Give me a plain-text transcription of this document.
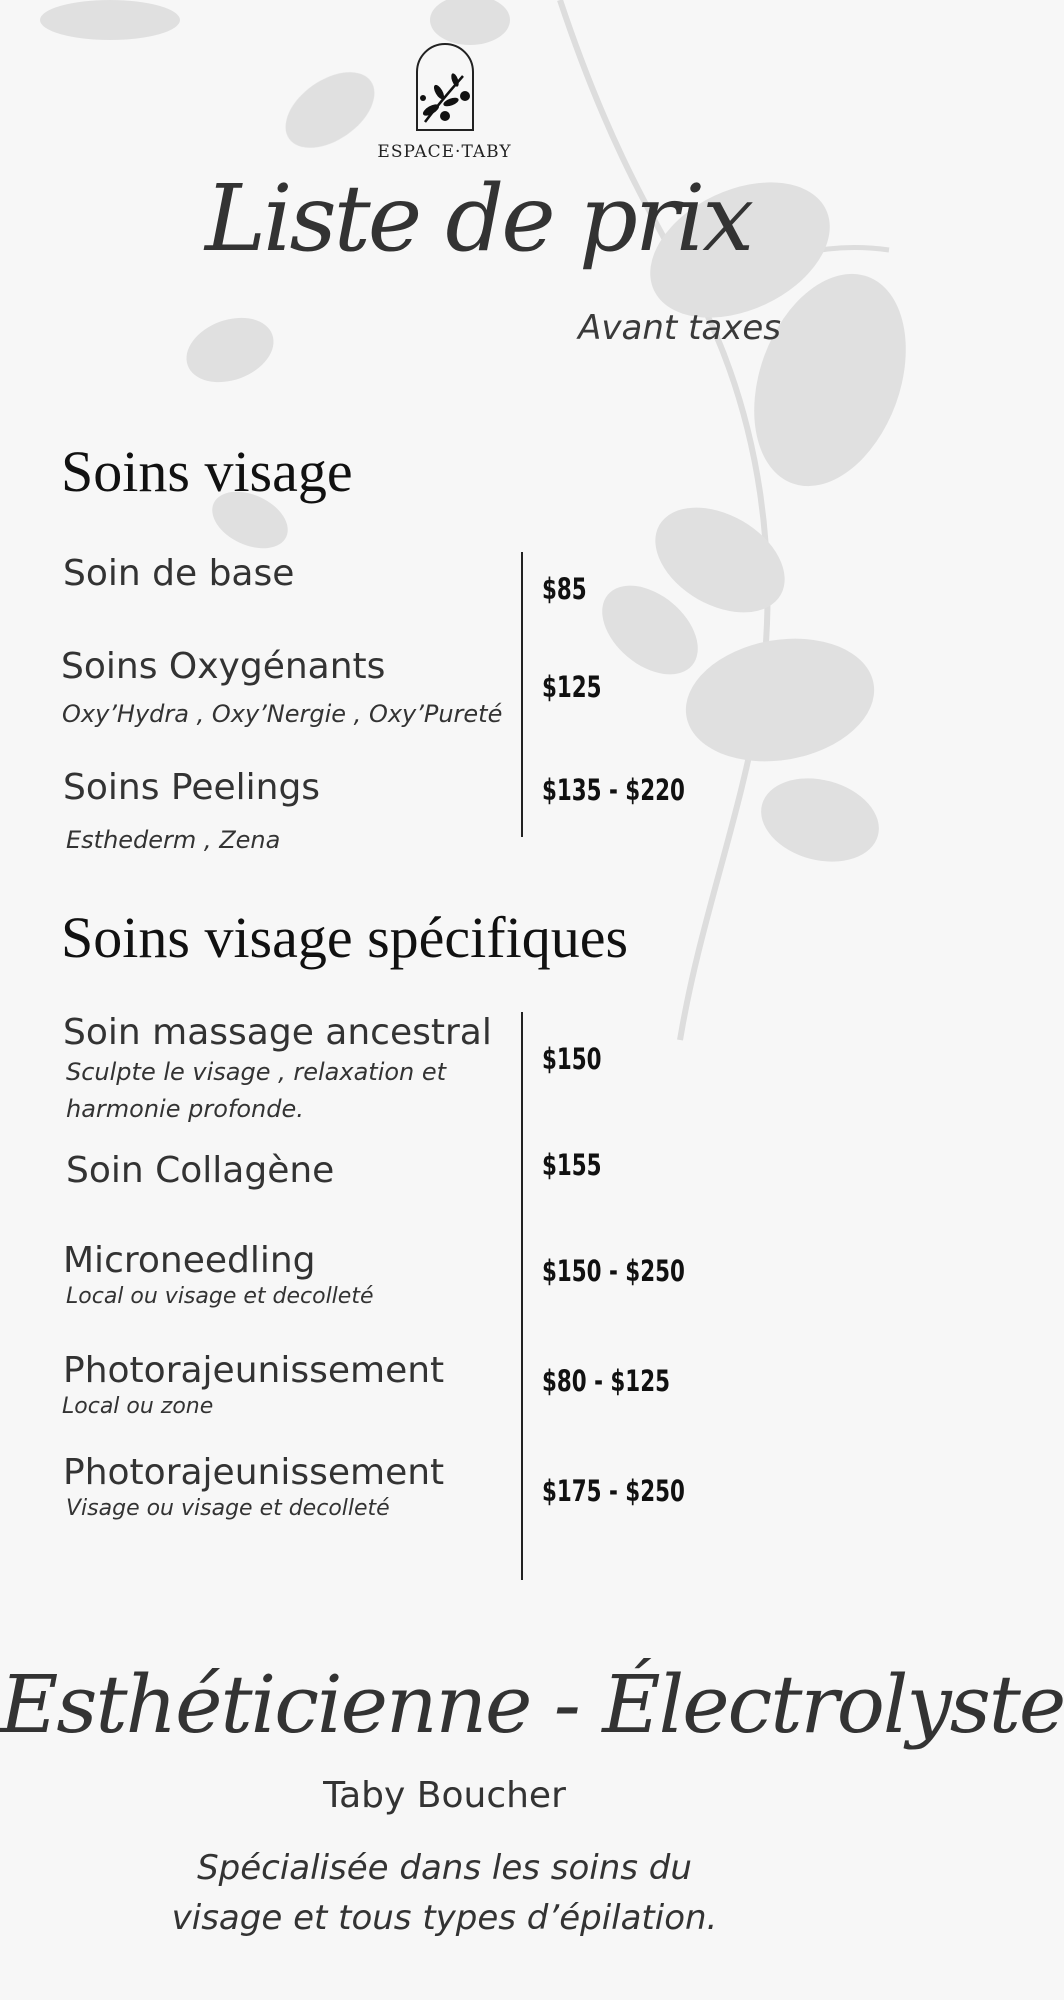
ESPACE·TABY
Liste de prix
Avant taxes
Soins visage
Soin de base	$85
Soins Oxygénants
Oxy’Hydra , Oxy’Nergie , Oxy’Pureté
$125
Soins Peelings
Esthederm , Zena
$135 - $220
Soins visage spécifiques
Soin massage ancestral
Sculpte le visage , relaxation et
harmonie profonde.
$150
Soin Collagène	$155
Microneedling
Local ou visage et decolleté
$150 - $250
Photorajeunissement
Local ou zone
$80 - $125
Photorajeunissement
Visage ou visage et decolleté
$175 - $250
Esthéticienne - Électrolyste
Taby Boucher
Spécialisée dans les soins du
visage et tous types d’épilation.
